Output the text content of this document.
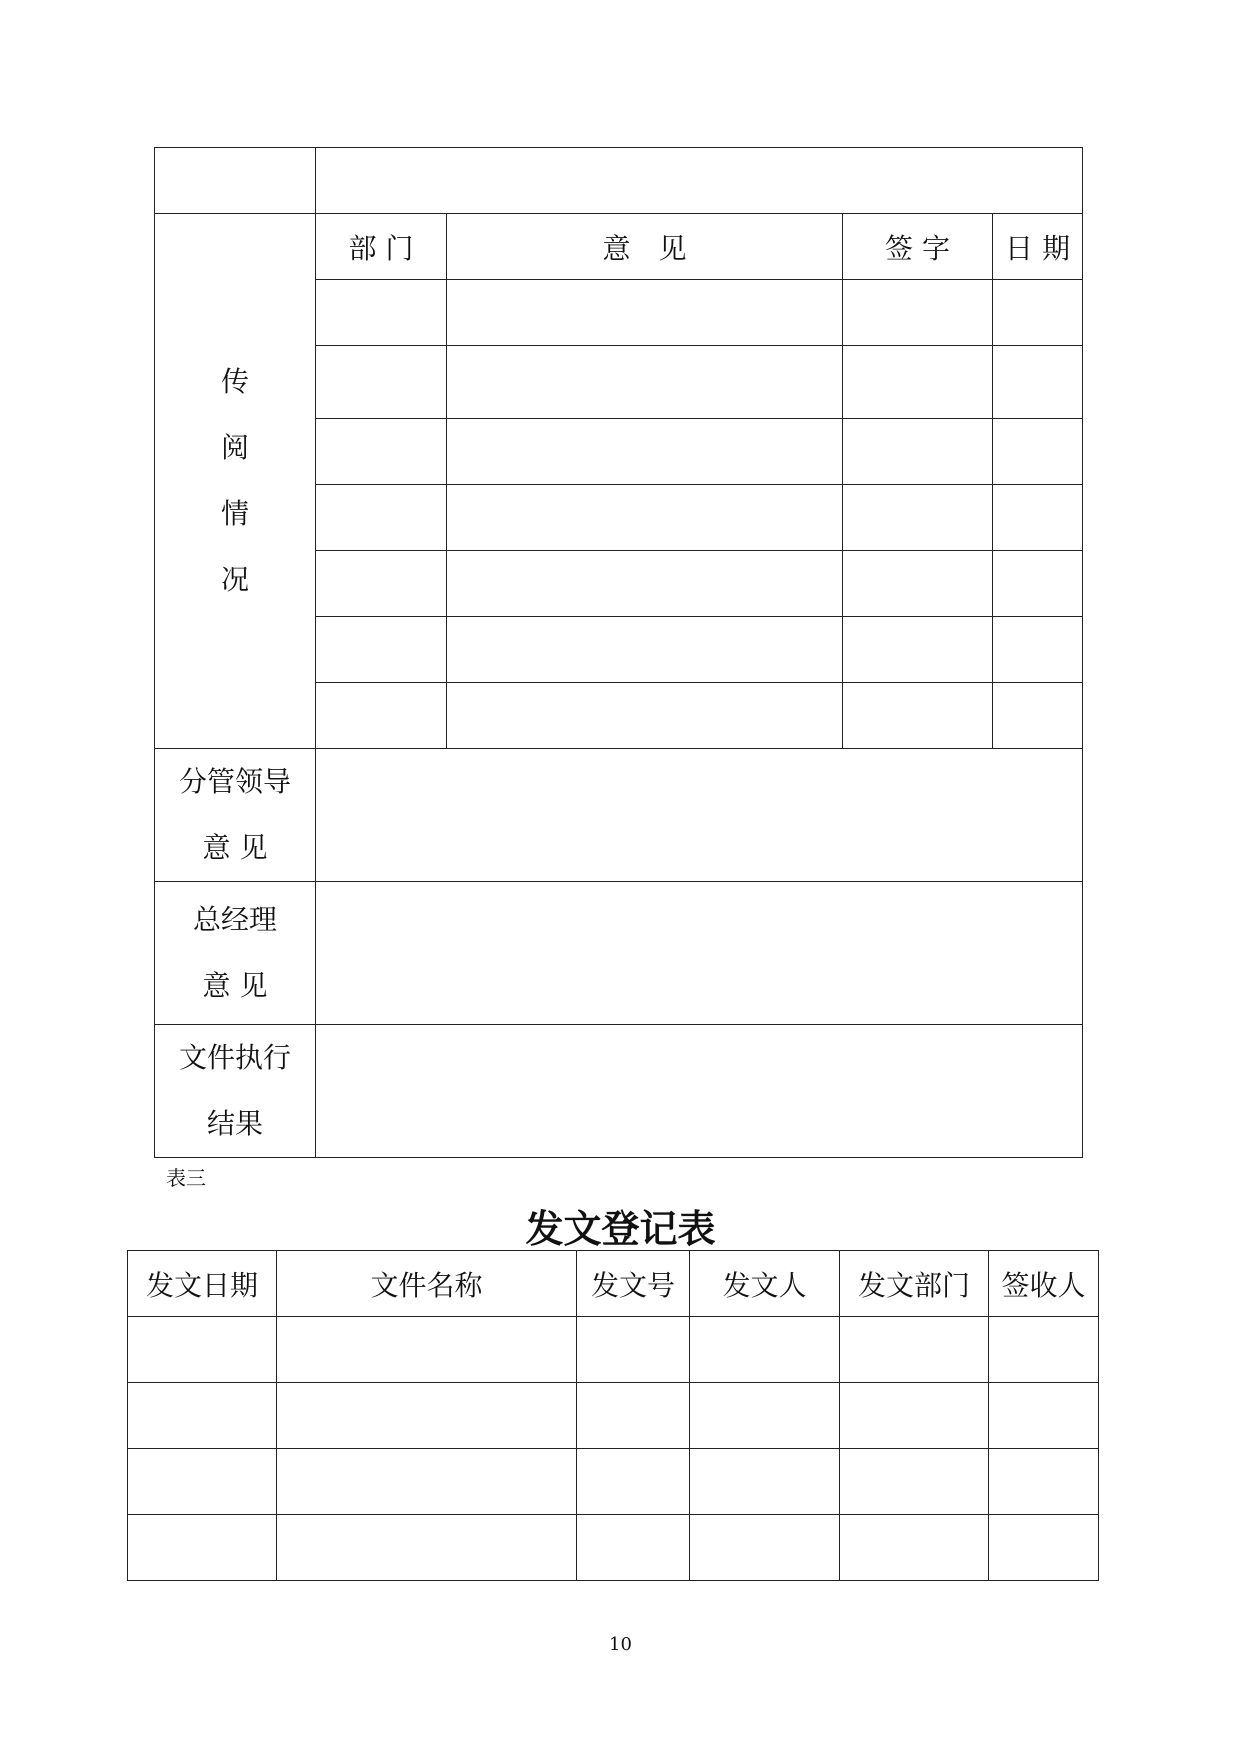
传
阅
情
况	部 门	意　见	签 字	日 期

分管领导
意 见				

总经理
意 见				

文件执行
结果				

表三
发文登记表
发文日期	文件名称	发文号	发文人	发文部门	签收人

10
